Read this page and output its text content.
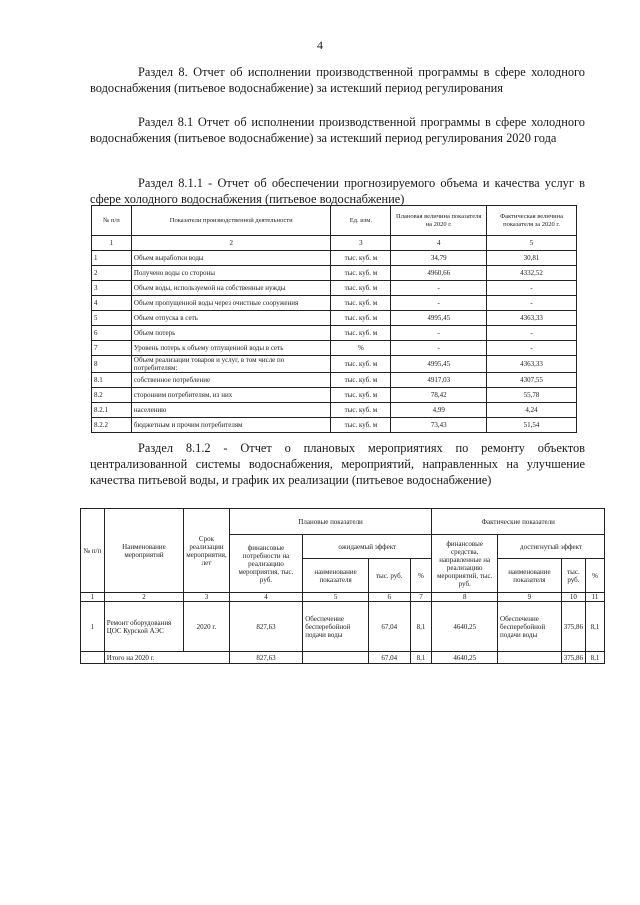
4
Раздел 8. Отчет об исполнении производственной программы в сфере холодного водоснабжения (питьевое водоснабжение) за истекший период регулирования
Раздел 8.1 Отчет об исполнении производственной программы в сфере холодного водоснабжения (питьевое водоснабжение) за истекший период регулирования 2020 года
Раздел 8.1.1 - Отчет об обеспечении прогнозируемого объема и качества услуг в сфере холодного водоснабжения (питьевое водоснабжение)
№ п/п	Показатели производственной деятельности	Ед. изм.	Плановая величина показателя на 2020 г.	Фактическая величина показателя за 2020 г.
1	2	3	4	5
1	Объем выработки воды	тыс. куб. м	34,79	30,81
2	Получено воды со стороны	тыс. куб. м	4960,66	4332,52
3	Объем воды, используемой на собственные нужды	тыс. куб. м	-	-
4	Объем пропущенной воды через очистные сооружения	тыс. куб. м	-	-
5	Объем отпуска в сеть	тыс. куб. м	4995,45	4363,33
6	Объем потерь	тыс. куб. м	-	-
7	Уровень потерь к объему отпущенной воды в сеть	%	-	-
8	Объем реализации товаров и услуг, в том числе по потребителям:	тыс. куб. м	4995,45	4363,33
8.1	собственное потребление	тыс. куб. м	4917,03	4307,55
8.2	сторонним потребителям, из них	тыс. куб. м	78,42	55,78
8.2.1	населению	тыс. куб. м	4,99	4,24
8.2.2	бюджетным и прочим потребителям	тыс. куб. м	73,43	51,54
Раздел 8.1.2 - Отчет о плановых мероприятиях по ремонту объектов централизованной системы водоснабжения, мероприятий, направленных на улучшение качества питьевой воды, и график их реализации (питьевое водоснабжение)
№ п/п	Наименование мероприятий	Срок реализации мероприятия, лет	Плановые показатели				Фактические показатели			
			финансовые потребности на реализацию мероприятия, тыс. руб.	ожидаемый эффект			финансовые средства, направленные на реализацию мероприятий, тыс. руб.	достигнутый эффект		
				наименование показателя	тыс. руб.	%		наименование показателя	тыс. руб.	%
1	2	3	4	5	6	7	8	9	10	11
1	Ремонт оборудования ЦОС Курской АЭС	2020 г.	827,63	Обеспечение бесперебойной подачи воды	67,04	8,1	4640,25	Обеспечение бесперебойной подачи воды	375,86	8,1
	Итого на 2020 г.		827,63		67,04	8,1	4640,25		375,86	8,1
